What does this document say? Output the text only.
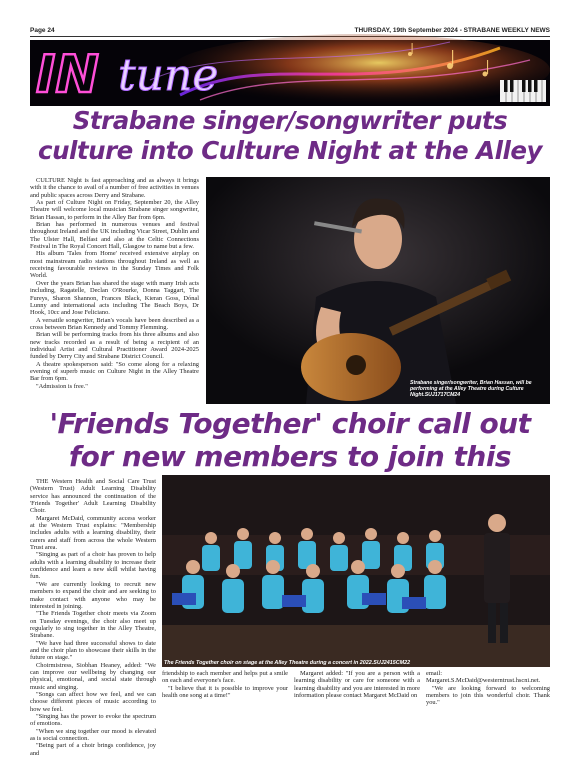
Page 24	THURSDAY, 19th September 2024 - STRABANE WEEKLY NEWS
IN tune
Strabane singer/songwriter puts culture into Culture Night at the Alley

CULTURE Night is fast approaching and as always it brings with it the chance to avail of a number of free activities in venues and public spaces across Derry and Strabane.

As part of Culture Night on Friday, September 20, the Alley Theatre will welcome local musician Strabane singer songwriter, Brian Hassan, to perform in the Alley Bar from 6pm.

Brian has performed in numerous venues and festival throughout Ireland and the UK including Vicar Street, Dublin and The Ulster Hall, Belfast and also at the Celtic Connections Festival in The Royal Concert Hall, Glasgow to name but a few.

His album 'Tales from Home' received extensive airplay on most mainstream radio stations throughout Ireland as well as receiving favourable reviews in the Sunday Times and Folk World.

Over the years Brian has shared the stage with many Irish acts including, Ragatelle, Declan O'Rourke, Donna Taggart, The Fureys, Sharon Shannon, Frances Black, Kieran Goss, Dónal Lunny and international acts including The Beach Boys, Dr Hook, 10cc and Jose Feliciano.

A versatile songwriter, Brian's vocals have been described as a cross between Brian Kennedy and Tommy Flemming.

Brian will be performing tracks from his three albums and also new tracks recorded as a result of being a recipient of an individual Artist and Cultural Practitioner Award 2024-2025 funded by Derry City and Strabane District Council.

A theatre spokesperson said: "So come along for a relaxing evening of superb music on Culture Night in the Alley Theatre Bar from 6pm.

"Admission is free."	Strabane singer/songwriter, Brian Hassan, will be performing at the Alley Theatre during Culture Night.SUJ1717CM24
'Friends Together' choir call out for new members to join this

THE Western Health and Social Care Trust (Western Trust) Adult Learning Disability service has announced the continuation of the 'Friends Together' Adult Learning Disability Choir.

Margaret McDaid, community access worker at the Western Trust explains: "Membership includes adults with a learning disability, their carers and staff from across the whole Western Trust area.

"Singing as part of a choir has proven to help adults with a learning disability to increase their confidence and learn a new skill whilst having fun.

"We are currently looking to recruit new members to expand the choir and are seeking to make contact with anyone who may be interested in joining.

"The Friends Together choir meets via Zoom on Tuesday evenings, the choir also meet up regularly to sing together in the Alley Theatre, Strabane.

"We have had three successful shows to date and the choir plan to showcase their skills in the future on stage."

Choirmistress, Siobhan Heaney, added: "We can improve our wellbeing by changing our physical, emotional, and social state through music and singing.

"Songs can affect how we feel, and we can choose different pieces of music according to how we feel.

"Singing has the power to evoke the spectrum of emotions.

"When we sing together our mood is elevated as is social connection.

"Being part of a choir brings confidence, joy and

The Friends Together choir on stage at the Alley Theatre during a concert in 2022.SUJ2415CM22

friendship to each member and helps put a smile on each and everyone's face.

"I believe that it is possible to improve your health one song at a time!"

Margaret added: "If you are a person with a learning disability or care for someone with a learning disability and you are interested in more information please contact Margaret McDaid on

email: Margaret.S.McDaid@westerntrust.hscni.net.

"We are looking forward to welcoming members to join this wonderful choir. Thank you."
